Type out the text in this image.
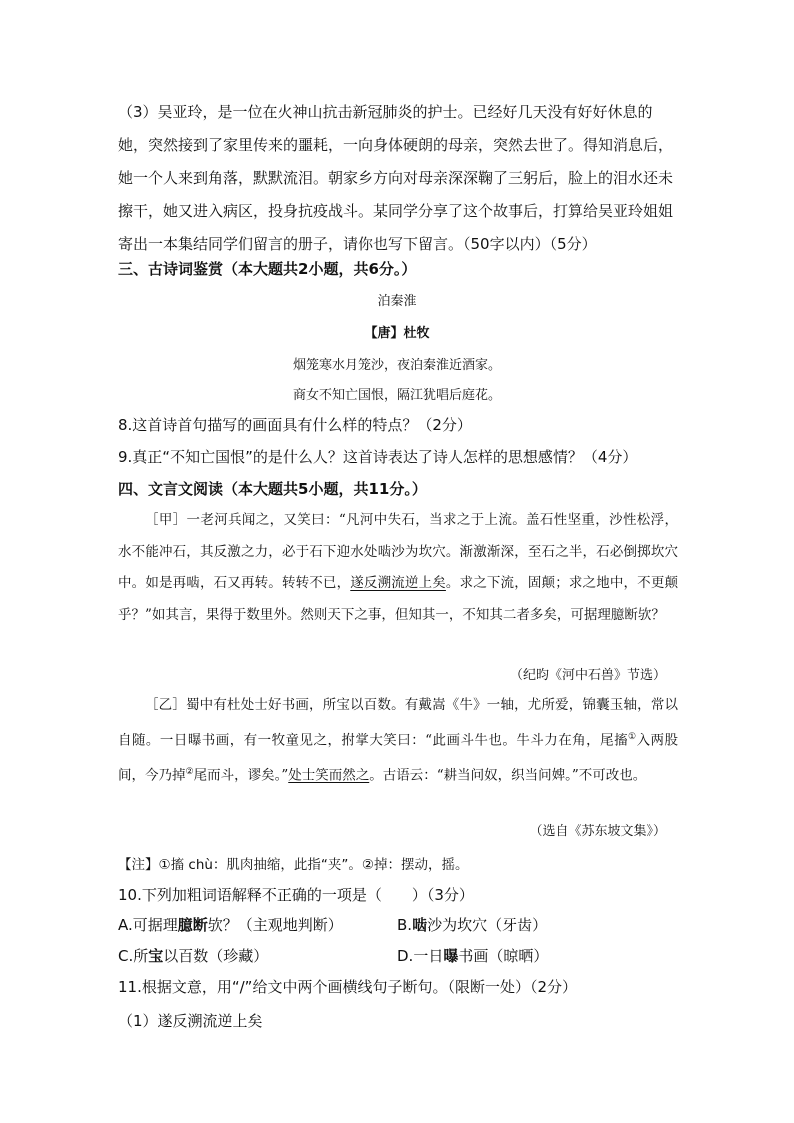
（3）吴亚玲，是一位在火神山抗击新冠肺炎的护士。已经好几天没有好好休息的她，突然接到了家里传来的噩耗，一向身体硬朗的母亲，突然去世了。得知消息后，她一个人来到角落，默默流泪。朝家乡方向对母亲深深鞠了三躬后，脸上的泪水还未擦干，她又进入病区，投身抗疫战斗。某同学分享了这个故事后，打算给吴亚玲姐姐寄出一本集结同学们留言的册子，请你也写下留言。（50字以内）（5分）
三、古诗词鉴赏（本大题共2小题，共6分。）
泊秦淮
【唐】杜牧
烟笼寒水月笼沙，夜泊秦淮近酒家。
商女不知亡国恨，隔江犹唱后庭花。
8.这首诗首句描写的画面具有什么样的特点？（2分）
9.真正“不知亡国恨”的是什么人？这首诗表达了诗人怎样的思想感情？（4分）
四、文言文阅读（本大题共5小题，共11分。）
［甲］一老河兵闻之，又笑曰：“凡河中失石，当求之于上流。盖石性坚重，沙性松浮，水不能冲石，其反激之力，必于石下迎水处啮沙为坎穴。渐激渐深，至石之半，石必倒掷坎穴中。如是再啮，石又再转。转转不已，遂反溯流逆上矣。求之下流，固颠；求之地中，不更颠乎？”如其言，果得于数里外。然则天下之事，但知其一，不知其二者多矣，可据理臆断欤？
（纪昀《河中石兽》节选）
［乙］蜀中有杜处士好书画，所宝以百数。有戴嵩《牛》一轴，尤所爱，锦囊玉轴，常以自随。一日曝书画，有一牧童见之，拊掌大笑曰：“此画斗牛也。牛斗力在角，尾搐①入两股间，今乃掉②尾而斗，谬矣。”处士笑而然之。古语云：“耕当问奴，织当问婢。”不可改也。
（选自《苏东坡文集》）
【注】①搐 chù：肌肉抽缩，此指“夹”。②掉：摆动，摇。
10.下列加粗词语解释不正确的一项是（　　）（3分）
A.可据理臆断欤？（主观地判断）	B.啮沙为坎穴（牙齿）
C.所宝以百数（珍藏）	D.一日曝书画（晾晒）
11.根据文意，用“/”给文中两个画横线句子断句。（限断一处）（2分）
（1）遂反溯流逆上矣
